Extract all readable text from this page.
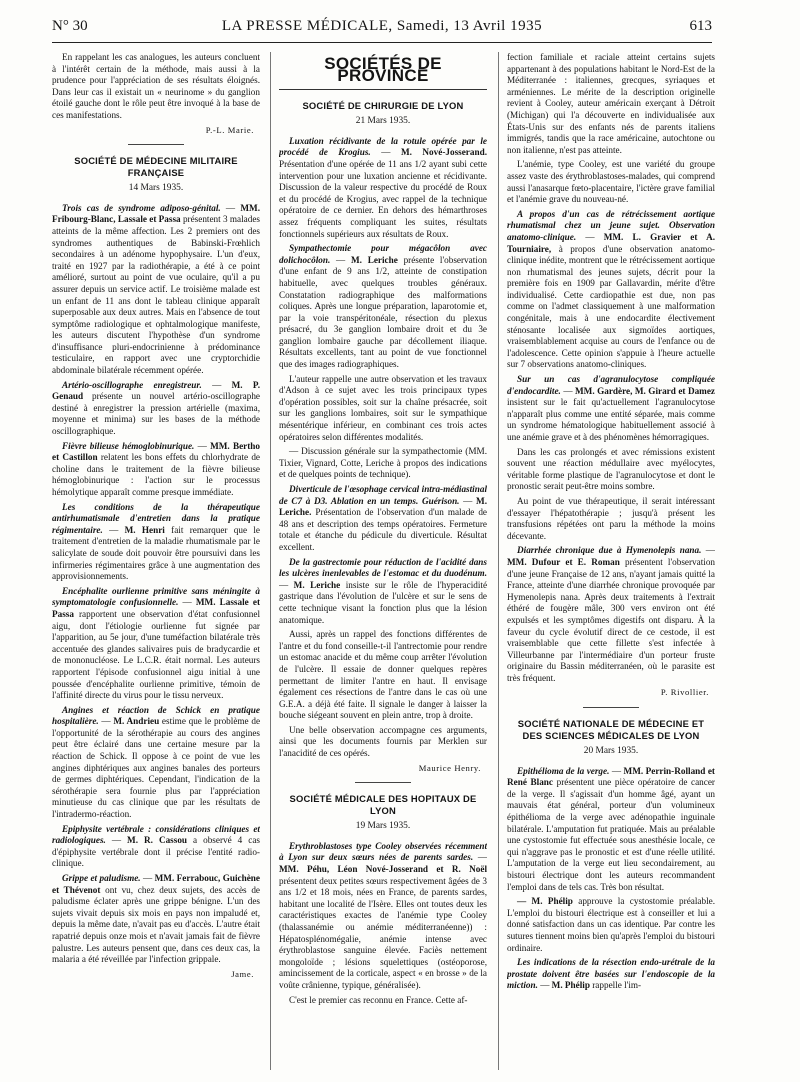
N° 30	LA PRESSE MÉDICALE, Samedi, 13 Avril 1935	613

En rappelant les cas analogues, les auteurs concluent à l'intérêt certain de la méthode, mais aussi à la prudence pour l'appréciation de ses résultats éloignés. Dans leur cas il existait un « neurinome » du ganglion étoilé gauche dont le rôle peut être invoqué à la base de ces manifestations.

P.-L. Marie.
SOCIÉTÉ DE MÉDECINE MILITAIRE FRANÇAISE
14 Mars 1935.

Trois cas de syndrome adiposo-génital. — MM. Fribourg-Blanc, Lassale et Passa présentent 3 malades atteints de la même affection. Les 2 premiers ont des syndromes authentiques de Babinski-Frœhlich secondaires à un adénome hypophysaire. L'un d'eux, traité en 1927 par la radiothérapie, a été à ce point amélioré, surtout au point de vue oculaire, qu'il a pu assurer depuis un service actif. Le troisième malade est un enfant de 11 ans dont le tableau clinique apparaît superposable aux deux autres. Mais en l'absence de tout symptôme radiologique et ophtalmologique manifeste, les auteurs discutent l'hypothèse d'un syndrome d'insuffisance pluri-endocrinienne à prédominance testiculaire, en rapport avec une cryptorchidie abdominale bilatérale récemment opérée.

Artério-oscillographe enregistreur. — M. P. Genaud présente un nouvel artério-oscillographe destiné à enregistrer la pression artérielle (maxima, moyenne et minima) sur les bases de la méthode oscillographique.

Fièvre bilieuse hémoglobinurique. — MM. Bertho et Castillon relatent les bons effets du chlorhydrate de choline dans le traitement de la fièvre bilieuse hémoglobinurique : l'action sur le processus hémolytique apparaît comme presque immédiate.

Les conditions de la thérapeutique antirhumatismale d'entretien dans la pratique régimentaire. — M. Henri fait remarquer que le traitement d'entretien de la maladie rhumatismale par le salicylate de soude doit pouvoir être poursuivi dans les infirmeries régimentaires grâce à une augmentation des approvisionnements.

Encéphalite ourlienne primitive sans méningite à symptomatologie confusionnelle. — MM. Lassale et Passa rapportent une observation d'état confusionnel aigu, dont l'étiologie ourlienne fut signée par l'apparition, au 5e jour, d'une tuméfaction bilatérale très accentuée des glandes salivaires puis de bradycardie et de mononucléose. Le L.C.R. était normal. Les auteurs rapportent l'épisode confusionnel aigu initial à une poussée d'encéphalite ourlienne primitive, témoin de l'affinité directe du virus pour le tissu nerveux.

Angines et réaction de Schick en pratique hospitalière. — M. Andrieu estime que le problème de l'opportunité de la sérothérapie au cours des angines peut être éclairé dans une certaine mesure par la réaction de Schick. Il oppose à ce point de vue les angines diphtériques aux angines banales des porteurs de germes diphtériques. Cependant, l'indication de la sérothérapie sera fournie plus par l'appréciation minutieuse du cas clinique que par les résultats de l'intradermo-réaction.

Epiphysite vertébrale : considérations cliniques et radiologiques. — M. R. Cassou a observé 4 cas d'épiphysite vertébrale dont il précise l'entité radio-clinique.

Grippe et paludisme. — MM. Ferrabouc, Guichène et Thévenot ont vu, chez deux sujets, des accès de paludisme éclater après une grippe bénigne. L'un des sujets vivait depuis six mois en pays non impaludé et, depuis la même date, n'avait pas eu d'accès. L'autre était rapatrié depuis onze mois et n'avait jamais fait de fièvre palustre. Les auteurs pensent que, dans ces deux cas, la malaria a été réveillée par l'infection grippale.

Jame.
SOCIÉTÉS DE PROVINCE
SOCIÉTÉ DE CHIRURGIE DE LYON
21 Mars 1935.

Luxation récidivante de la rotule opérée par le procédé de Krogius. — M. Nové-Josserand. Présentation d'une opérée de 11 ans 1/2 ayant subi cette intervention pour une luxation ancienne et récidivante. Discussion de la valeur respective du procédé de Roux et du procédé de Krogius, avec rappel de la technique opératoire de ce dernier. En dehors des hémarthroses assez fréquents compliquant les suites, résultats fonctionnels supérieurs aux résultats de Roux.

Sympathectomie pour mégacôlon avec dolichocôlon. — M. Leriche présente l'observation d'une enfant de 9 ans 1/2, atteinte de constipation habituelle, avec quelques troubles généraux. Constatation radiographique des malformations coliques. Après une longue préparation, laparotomie et, par la voie transpéritonéale, résection du plexus présacré, du 3e ganglion lombaire droit et du 3e ganglion lombaire gauche par décollement iliaque. Résultats excellents, tant au point de vue fonctionnel que des images radiographiques.

L'auteur rappelle une autre observation et les travaux d'Adson à ce sujet avec les trois principaux types d'opération possibles, soit sur la chaîne présacrée, soit sur les ganglions lombaires, soit sur le sympathique mésentérique inférieur, en combinant ces trois actes opératoires selon différentes modalités.

— Discussion générale sur la sympathectomie (MM. Tixier, Vignard, Cotte, Leriche à propos des indications et de quelques points de technique).

Diverticule de l'œsophage cervical intra-médiastinal de C7 à D3. Ablation en un temps. Guérison. — M. Leriche. Présentation de l'observation d'un malade de 48 ans et description des temps opératoires. Fermeture totale et étanche du pédicule du diverticule. Résultat excellent.

De la gastrectomie pour réduction de l'acidité dans les ulcères inenlevables de l'estomac et du duodénum. — M. Leriche insiste sur le rôle de l'hyperacidité gastrique dans l'évolution de l'ulcère et sur le sens de cette technique visant la fonction plus que la lésion anatomique.

Aussi, après un rappel des fonctions différentes de l'antre et du fond conseille-t-il l'antrectomie pour rendre un estomac anacide et du même coup arrêter l'évolution de l'ulcère. Il essaie de donner quelques repères permettant de limiter l'antre en haut. Il envisage également ces résections de l'antre dans le cas où une G.E.A. a déjà été faite. Il signale le danger à laisser la bouche siégeant souvent en plein antre, trop à droite.

Une belle observation accompagne ces arguments, ainsi que les documents fournis par Merklen sur l'anacidité de ces opérés.

Maurice Henry.
SOCIÉTÉ MÉDICALE DES HOPITAUX DE LYON
19 Mars 1935.

Erythroblastoses type Cooley observées récemment à Lyon sur deux sœurs nées de parents sardes. — MM. Péhu, Léon Nové-Josserand et R. Noël présentent deux petites sœurs respectivement âgées de 3 ans 1/2 et 18 mois, nées en France, de parents sardes, habitant une localité de l'Isère. Elles ont toutes deux les caractéristiques exactes de l'anémie type Cooley (thalassanémie ou anémie méditerranéenne)) : Hépatosplénomégalie, anémie intense avec érythroblastose sanguine élevée. Faciès nettement mongoloïde ; lésions squelettiques (ostéoporose, amincissement de la corticale, aspect « en brosse » de la voûte crânienne, typique, généralisée).

C'est le premier cas reconnu en France. Cette af-

fection familiale et raciale atteint certains sujets appartenant à des populations habitant le Nord-Est de la Méditerranée : italiennes, grecques, syriaques et arméniennes. Le mérite de la description originelle revient à Cooley, auteur américain exerçant à Détroit (Michigan) qui l'a découverte en individualisée aux États-Unis sur des enfants nés de parents italiens immigrés, tandis que la race américaine, autochtone ou non italienne, n'est pas atteinte.

L'anémie, type Cooley, est une variété du groupe assez vaste des érythroblastoses-malades, qui comprend aussi l'anasarque fœto-placentaire, l'ictère grave familial et l'anémie grave du nouveau-né.

A propos d'un cas de rétrécissement aortique rhumatismal chez un jeune sujet. Observation anatomo-clinique. — MM. L. Gravier et A. Tourniaire, à propos d'une observation anatomo-clinique inédite, montrent que le rétrécissement aortique non rhumatismal des jeunes sujets, décrit pour la première fois en 1909 par Gallavardin, mérite d'être individualisé. Cette cardiopathie est due, non pas comme on l'admet classiquement à une malformation congénitale, mais à une endocardite électivement sténosante localisée aux sigmoïdes aortiques, vraisemblablement acquise au cours de l'enfance ou de l'adolescence. Cette opinion s'appuie à l'heure actuelle sur 7 observations anatomo-cliniques.

Sur un cas d'agranulocytose compliquée d'endocardite. — MM. Gardère, M. Girard et Damez insistent sur le fait qu'actuellement l'agranulocytose n'apparaît plus comme une entité séparée, mais comme un syndrome hématologique habituellement associé à une anémie grave et à des phénomènes hémorragiques.

Dans les cas prolongés et avec rémissions existent souvent une réaction médullaire avec myélocytes, véritable forme plastique de l'agranulocytose et dont le pronostic serait peut-être moins sombre.

Au point de vue thérapeutique, il serait intéressant d'essayer l'hépatothérapie ; jusqu'à présent les transfusions répétées ont paru la méthode la moins décevante.

Diarrhée chronique due à Hymenolepis nana. — MM. Dufour et E. Roman présentent l'observation d'une jeune Française de 12 ans, n'ayant jamais quitté la France, atteinte d'une diarrhée chronique provoquée par Hymenolepis nana. Après deux traitements à l'extrait éthéré de fougère mâle, 300 vers environ ont été expulsés et les symptômes digestifs ont disparu. À la faveur du cycle évolutif direct de ce cestode, il est vraisemblable que cette fillette s'est infectée à Villeurbanne par l'intermédiaire d'un porteur fruste originaire du Bassin méditerranéen, où le parasite est très fréquent.

P. Rivollier.
SOCIÉTÉ NATIONALE DE MÉDECINE ET DES SCIENCES MÉDICALES DE LYON
20 Mars 1935.

Epithélioma de la verge. — MM. Perrin-Rolland et René Blanc présentent une pièce opératoire de cancer de la verge. Il s'agissait d'un homme âgé, ayant un mauvais état général, porteur d'un volumineux épithélioma de la verge avec adénopathie inguinale bilatérale. L'amputation fut pratiquée. Mais au préalable une cystostomie fut effectuée sous anesthésie locale, ce qui n'aggrave pas le pronostic et est d'une réelle utilité. L'amputation de la verge eut lieu secondairement, au bistouri électrique dont les auteurs recommandent l'emploi dans de tels cas. Très bon résultat.

— M. Phélip approuve la cystostomie préalable. L'emploi du bistouri électrique est à conseiller et lui a donné satisfaction dans un cas identique. Par contre les sutures tiennent moins bien qu'après l'emploi du bistouri ordinaire.

Les indications de la résection endo-urétrale de la prostate doivent être basées sur l'endoscopie de la miction. — M. Phélip rappelle l'im-
